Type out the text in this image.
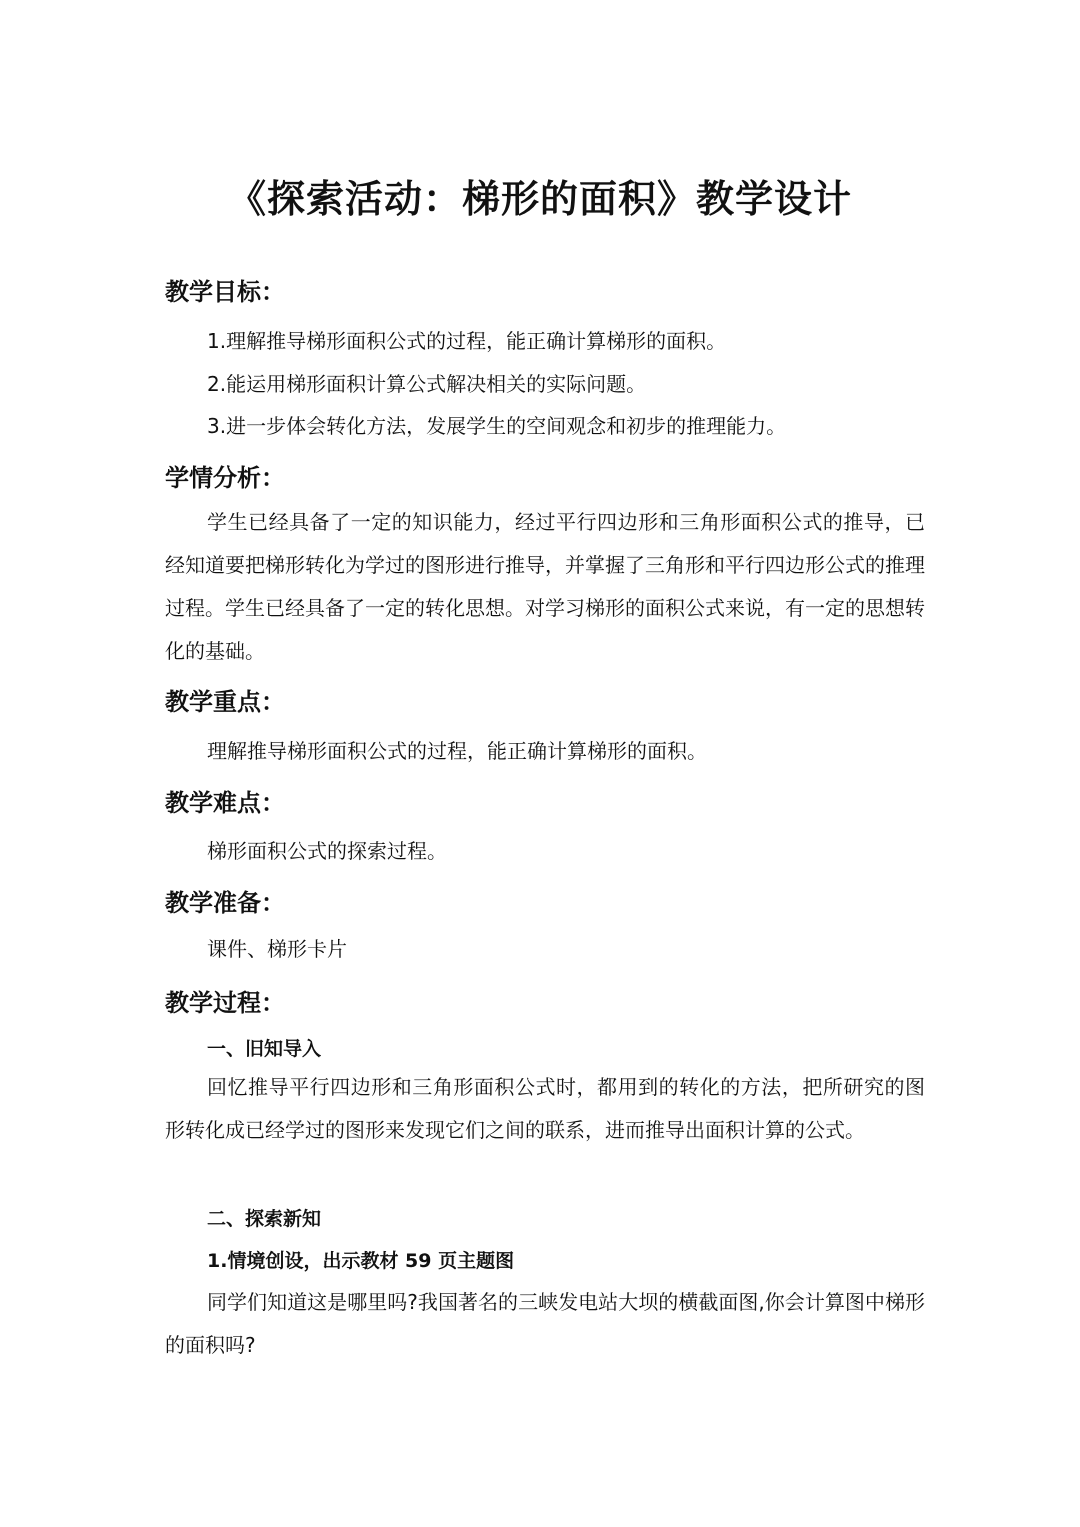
《探索活动：梯形的面积》教学设计
教学目标：

1.理解推导梯形面积公式的过程，能正确计算梯形的面积。

2.能运用梯形面积计算公式解决相关的实际问题。

3.进一步体会转化方法，发展学生的空间观念和初步的推理能力。

学情分析：

学生已经具备了一定的知识能力，经过平行四边形和三角形面积公式的推导，已经知道要把梯形转化为学过的图形进行推导，并掌握了三角形和平行四边形公式的推理过程。学生已经具备了一定的转化思想。对学习梯形的面积公式来说，有一定的思想转化的基础。

教学重点：

理解推导梯形面积公式的过程，能正确计算梯形的面积。

教学难点：

梯形面积公式的探索过程。

教学准备：

课件、梯形卡片

教学过程：

一、旧知导入

回忆推导平行四边形和三角形面积公式时，都用到的转化的方法，把所研究的图形转化成已经学过的图形来发现它们之间的联系，进而推导出面积计算的公式。

二、探索新知

1.情境创设，出示教材 59 页主题图

同学们知道这是哪里吗?我国著名的三峡发电站大坝的横截面图,你会计算图中梯形的面积吗?
